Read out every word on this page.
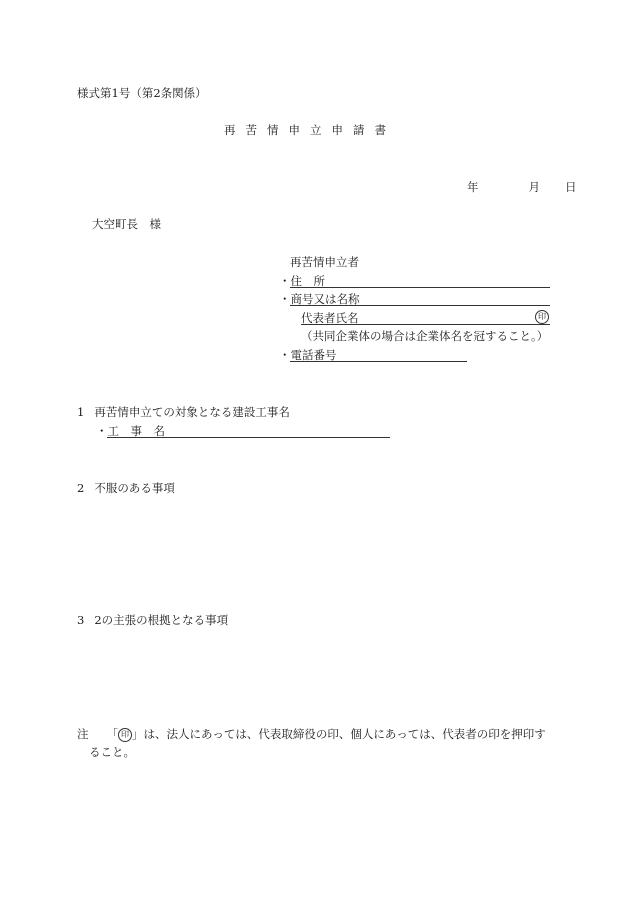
様式第1号（第2条関係）
再 苦 情 申 立 申 請 書
年	月 日
大空町長　様
再苦情申立者
・住　所
・商号又は名称
代表者氏名	印
（共同企業体の場合は企業体名を冠すること。）
・電話番号
1 再苦情申立ての対象となる建設工事名
・工　事　名
2 不服のある事項
3 2の主張の根拠となる事項
注 「 印 」は、法人にあっては、代表取締役の印、個人にあっては、代表者の印を押印す
ること。
